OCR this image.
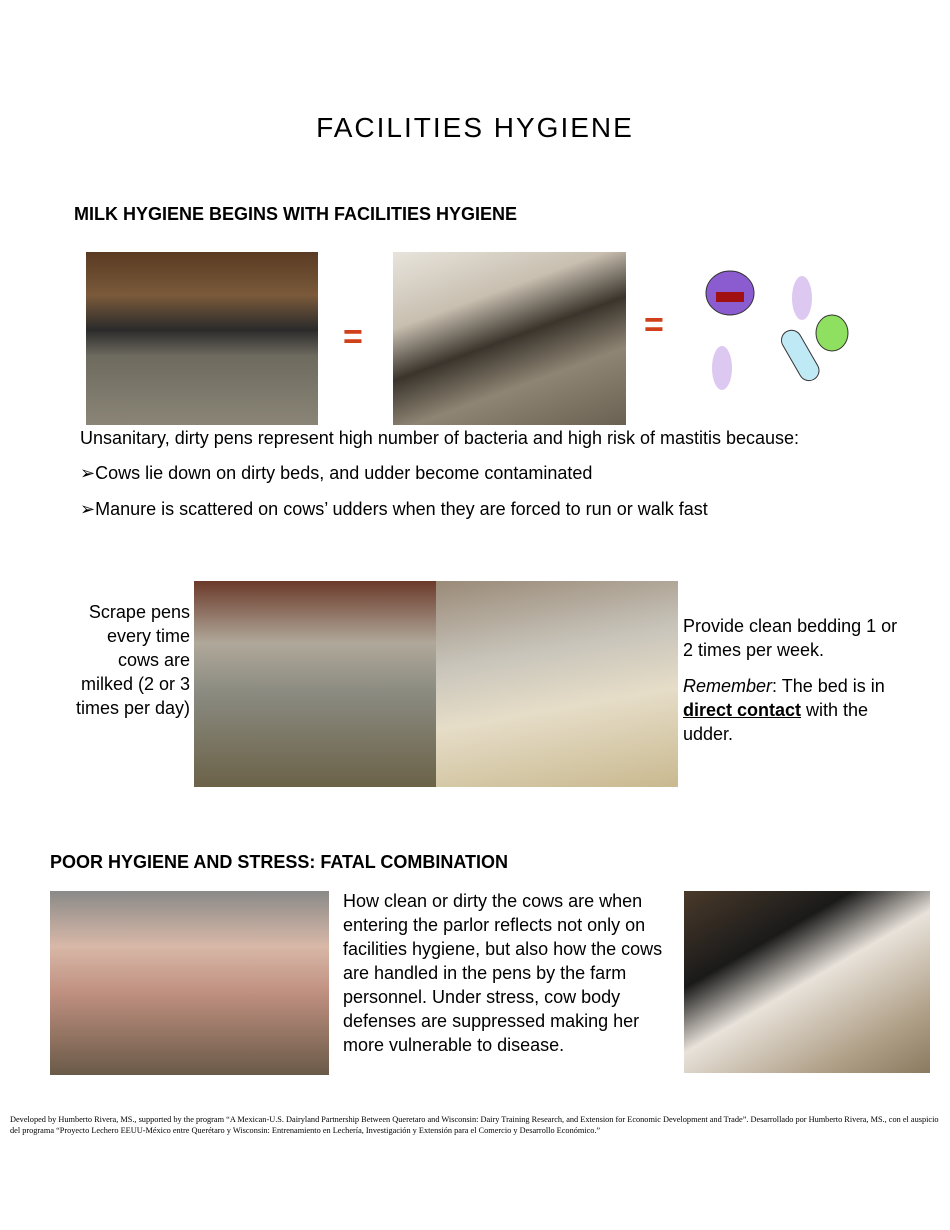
FACILITIES HYGIENE
MILK HYGIENE BEGINS WITH FACILITIES HYGIENE
=	=
Unsanitary, dirty pens represent high number of bacteria and high risk of mastitis because:
➢Cows lie down on dirty beds, and udder become contaminated
➢Manure is scattered on cows’ udders when they are forced to run or walk fast
Scrape pens every time cows are milked (2 or 3 times per day)
Provide clean bedding 1 or 2 times per week.
Remember: The bed is in direct contact with the udder.
POOR HYGIENE AND STRESS: FATAL COMBINATION
How clean or dirty the cows are when entering the parlor reflects not only on facilities hygiene, but also how the cows are handled in the pens by the farm personnel. Under stress, cow body defenses are suppressed making her more vulnerable to disease.
Developed by Humberto Rivera, MS., supported by the program “A Mexican-U.S. Dairyland Partnership Between Queretaro and Wisconsin: Dairy Training Research, and Extension for Economic Development and Trade”. Desarrollado por Humberto Rivera, MS., con el auspicio del programa “Proyecto Lechero EEUU-México entre Querétaro y Wisconsin: Entrenamiento en Lechería, Investigación y Extensión para el Comercio y Desarrollo Económico.”
